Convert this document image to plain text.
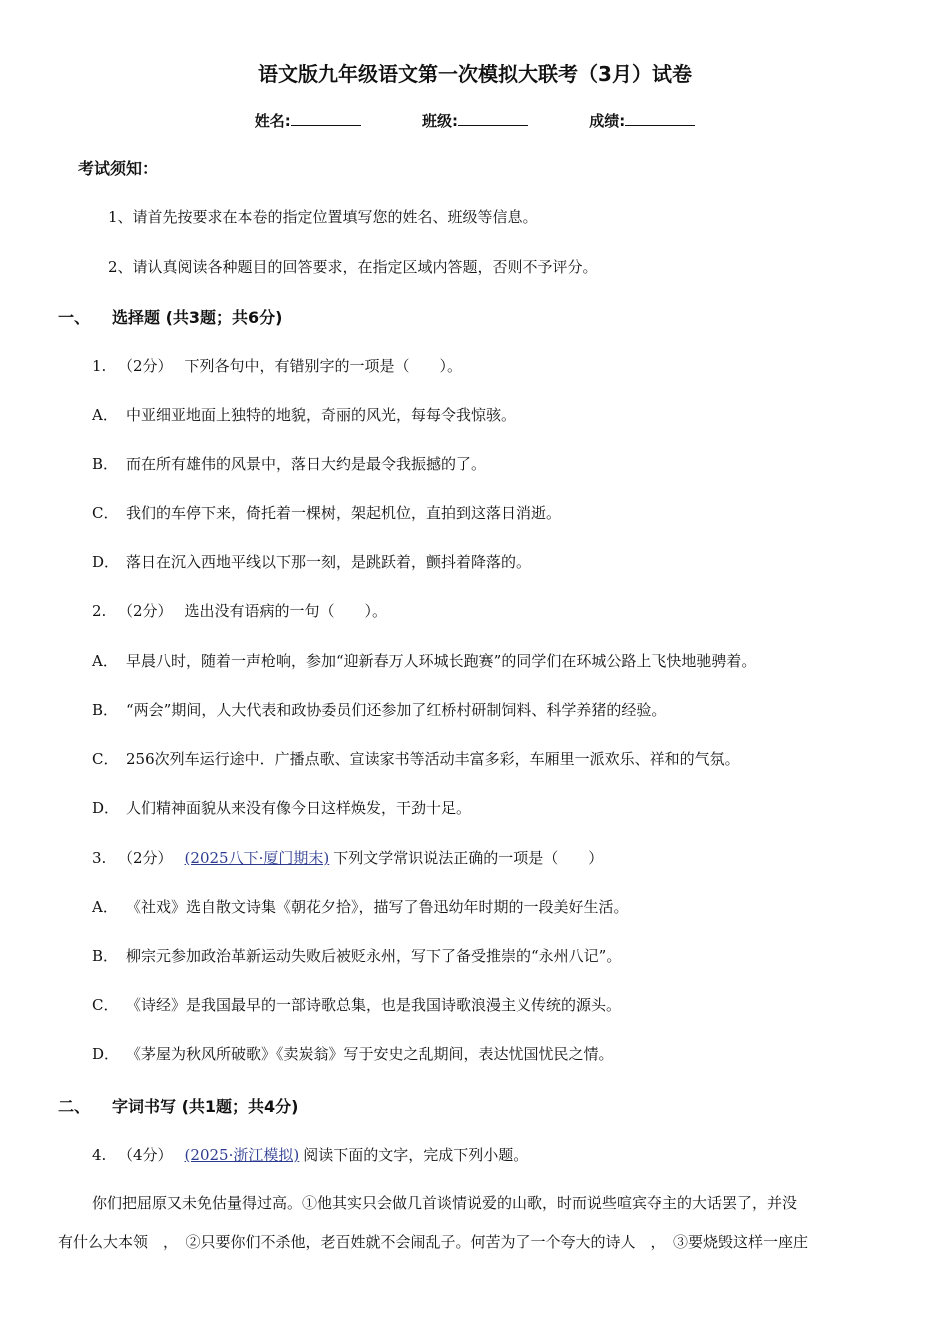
语文版九年级语文第一次模拟大联考（3月）试卷
姓名:	班级:	成绩:
考试须知：
1、请首先按要求在本卷的指定位置填写您的姓名、班级等信息。
2、请认真阅读各种题目的回答要求，在指定区域内答题，否则不予评分。
一、 选择题 (共3题；共6分)
1. （2分） 下列各句中，有错别字的一项是（　　）。
A． 中亚细亚地面上独特的地貌，奇丽的风光，每每令我惊骇。
B． 而在所有雄伟的风景中，落日大约是最令我振撼的了。
C． 我们的车停下来，倚托着一棵树，架起机位，直拍到这落日消逝。
D． 落日在沉入西地平线以下那一刻，是跳跃着，颤抖着降落的。
2. （2分） 选出没有语病的一句（　　）。
A． 早晨八时，随着一声枪响，参加“迎新春万人环城长跑赛”的同学们在环城公路上飞快地驰骋着。
B． “两会”期间，人大代表和政协委员们还参加了红桥村研制饲料、科学养猪的经验。
C． 256次列车运行途中．广播点歌、宣读家书等活动丰富多彩，车厢里一派欢乐、祥和的气氛。
D． 人们精神面貌从来没有像今日这样焕发，干劲十足。
3. （2分） (2025八下·厦门期末) 下列文学常识说法正确的一项是（　　）
A． 《社戏》选自散文诗集《朝花夕拾》，描写了鲁迅幼年时期的一段美好生活。
B． 柳宗元参加政治革新运动失败后被贬永州，写下了备受推崇的“永州八记”。
C． 《诗经》是我国最早的一部诗歌总集，也是我国诗歌浪漫主义传统的源头。
D． 《茅屋为秋风所破歌》《卖炭翁》写于安史之乱期间，表达忧国忧民之情。
二、 字词书写 (共1题；共4分)
4. （4分） (2025·浙江模拟) 阅读下面的文字，完成下列小题。
你们把屈原又未免估量得过高。①他其实只会做几首谈情说爱的山歌，时而说些喧宾夺主的大话罢了，并没
有什么大本领　，　②只要你们不杀他，老百姓就不会闹乱子。何苦为了一个夸大的诗人　，　③要烧毁这样一座庄
